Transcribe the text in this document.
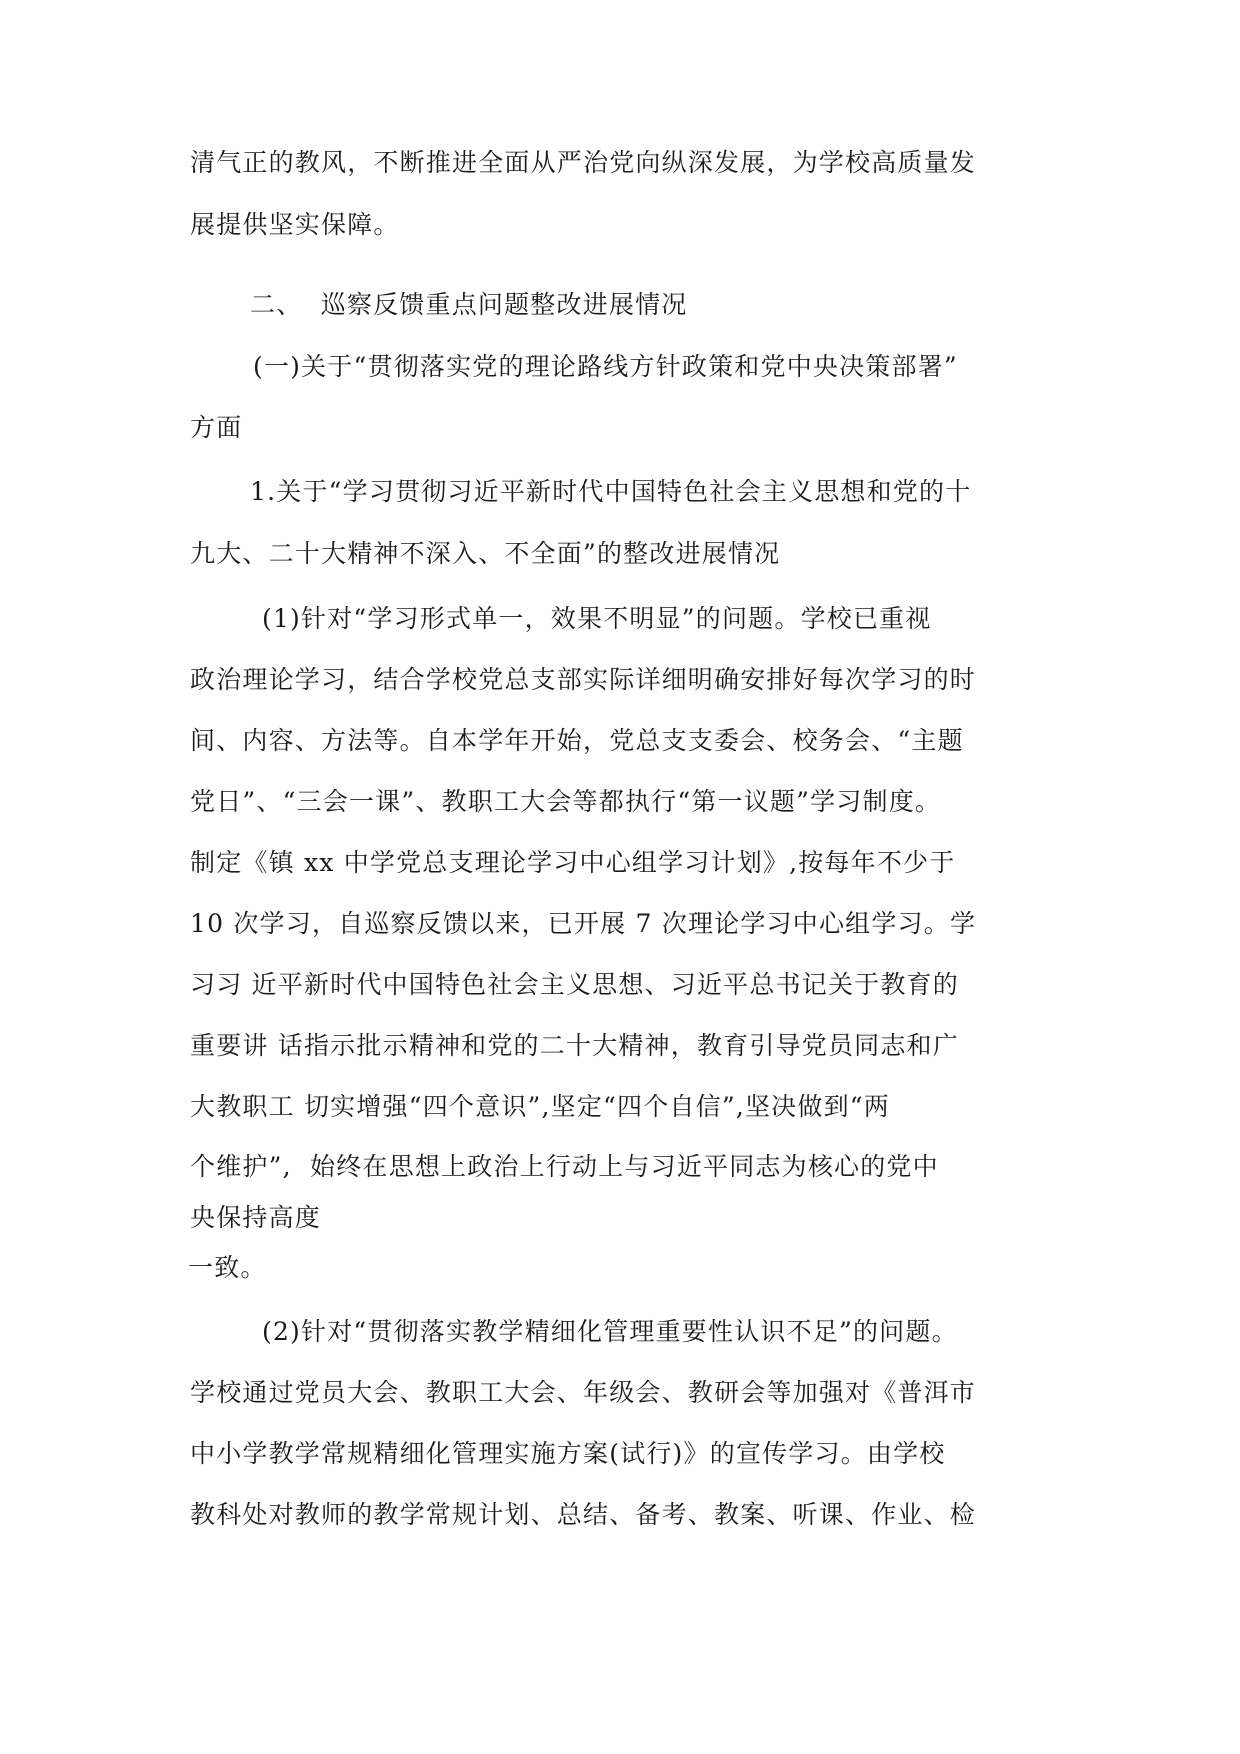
清气正的教风，不断推进全面从严治党向纵深发展，为学校高质量发
展提供坚实保障。
二、  巡察反馈重点问题整改进展情况
(一)关于“贯彻落实党的理论路线方针政策和党中央决策部署”
方面
1.关于“学习贯彻习近平新时代中国特色社会主义思想和党的十
九大、二十大精神不深入、不全面”的整改进展情况
(1)针对“学习形式单一，效果不明显”的问题。学校已重视
政治理论学习，结合学校党总支部实际详细明确安排好每次学习的时
间、内容、方法等。自本学年开始，党总支支委会、校务会、“主题
党日”、“三会一课”、教职工大会等都执行“第一议题”学习制度。
制定《镇 xx 中学党总支理论学习中心组学习计划》,按每年不少于
10 次学习，自巡察反馈以来，已开展 7 次理论学习中心组学习。学
习习 近平新时代中国特色社会主义思想、习近平总书记关于教育的
重要讲 话指示批示精神和党的二十大精神，教育引导党员同志和广
大教职工 切实增强“四个意识”,坚定“四个自信”,坚决做到“两
个维护”,  始终在思想上政治上行动上与习近平同志为核心的党中
央保持高度
一致。
(2)针对“贯彻落实教学精细化管理重要性认识不足”的问题。
学校通过党员大会、教职工大会、年级会、教研会等加强对《普洱市
中小学教学常规精细化管理实施方案(试行)》的宣传学习。由学校
教科处对教师的教学常规计划、总结、备考、教案、听课、作业、检
